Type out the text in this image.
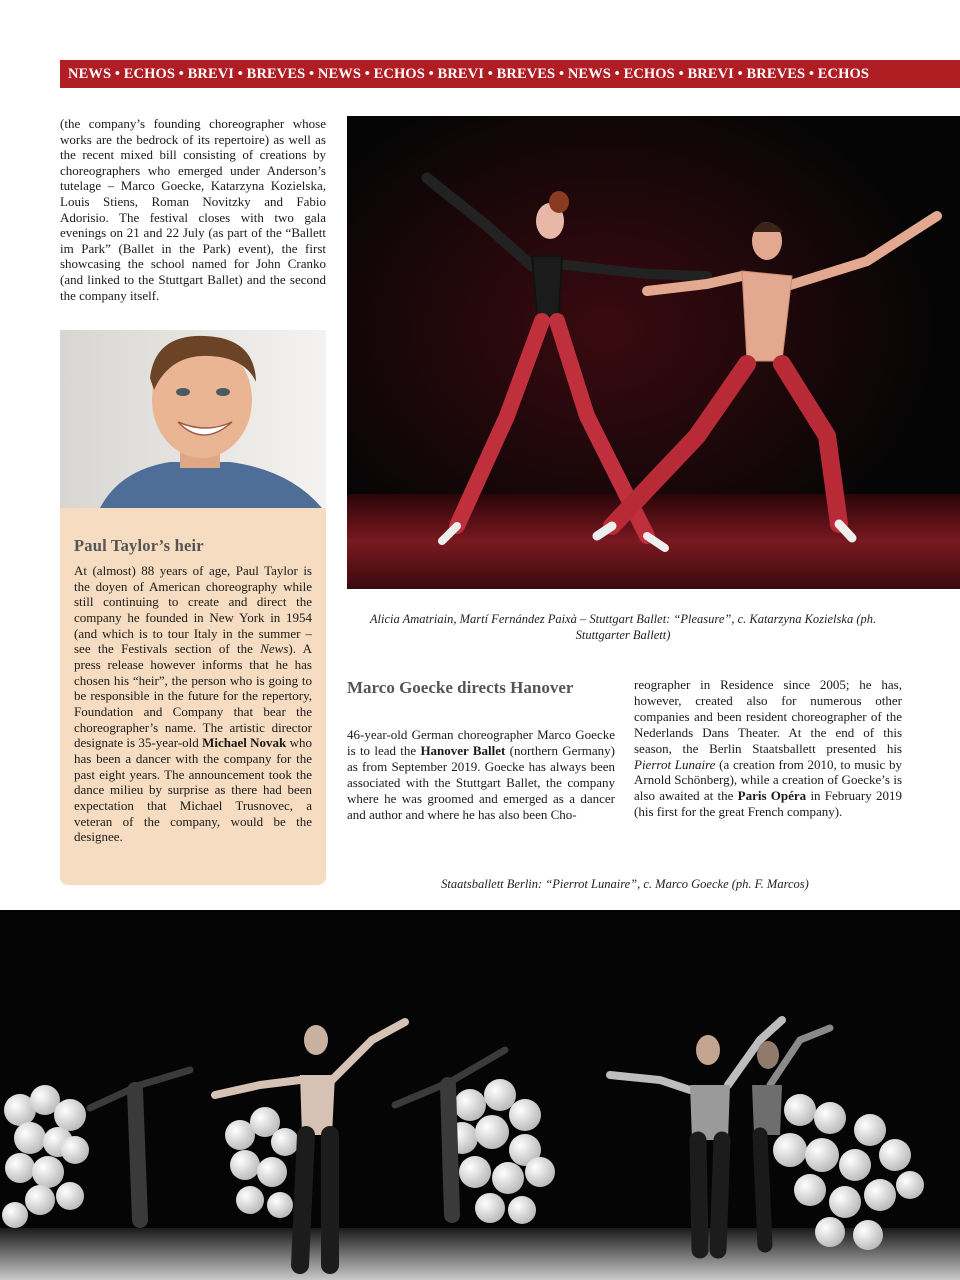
NEWS • ECHOS • BREVI • BREVES • NEWS • ECHOS • BREVI • BREVES • NEWS • ECHOS • BREVI • BREVES • ECHOS

(the company’s founding choreographer whose works are the bedrock of its repertoire) as well as the recent mixed bill consisting of creations by choreographers who emerged under Anderson’s tutelage – Marco Goecke, Katarzyna Kozielska, Louis Stiens, Roman Novitzky and Fabio Adorisio. The festival closes with two gala evenings on 21 and 22 July (as part of the “Ballett im Park” (Ballet in the Park) event), the first showcasing the school named for John Cranko (and linked to the Stuttgart Ballet) and the second the company itself.

Paul Taylor’s heir

At (almost) 88 years of age, Paul Taylor is the doyen of American choreography while still continuing to create and direct the company he founded in New York in 1954 (and which is to tour Italy in the summer – see the Festivals section of the News). A press release however informs that he has chosen his “heir”, the person who is going to be responsible in the future for the repertory, Foundation and Company that bear the choreographer’s name. The artistic director designate is 35-year-old Michael Novak who has been a dancer with the company for the past eight years. The announcement took the dance milieu by surprise as there had been expectation that Michael Trusnovec, a veteran of the company, would be the designee.

Alicia Amatriain, Martí Fernández Paixà – Stuttgart Ballet: “Pleasure”, c. Katarzyna Kozielska (ph. Stuttgarter Ballett)

Marco Goecke directs Hanover

46-year-old German choreographer Marco Goecke is to lead the Hanover Ballet (northern Germany) as from September 2019. Goecke has always been associated with the Stuttgart Ballet, the company where he was groomed and emerged as a dancer and author and where he has also been Cho-

reographer in Residence since 2005; he has, however, created also for numerous other companies and been resident choreographer of the Nederlands Dans Theater. At the end of this season, the Berlin Staatsballett presented his Pierrot Lunaire (a creation from 2010, to music by Arnold Schönberg), while a creation of Goecke’s is also awaited at the Paris Opéra in February 2019 (his first for the great French company).

Staatsballett Berlin: “Pierrot Lunaire”, c. Marco Goecke (ph. F. Marcos)
